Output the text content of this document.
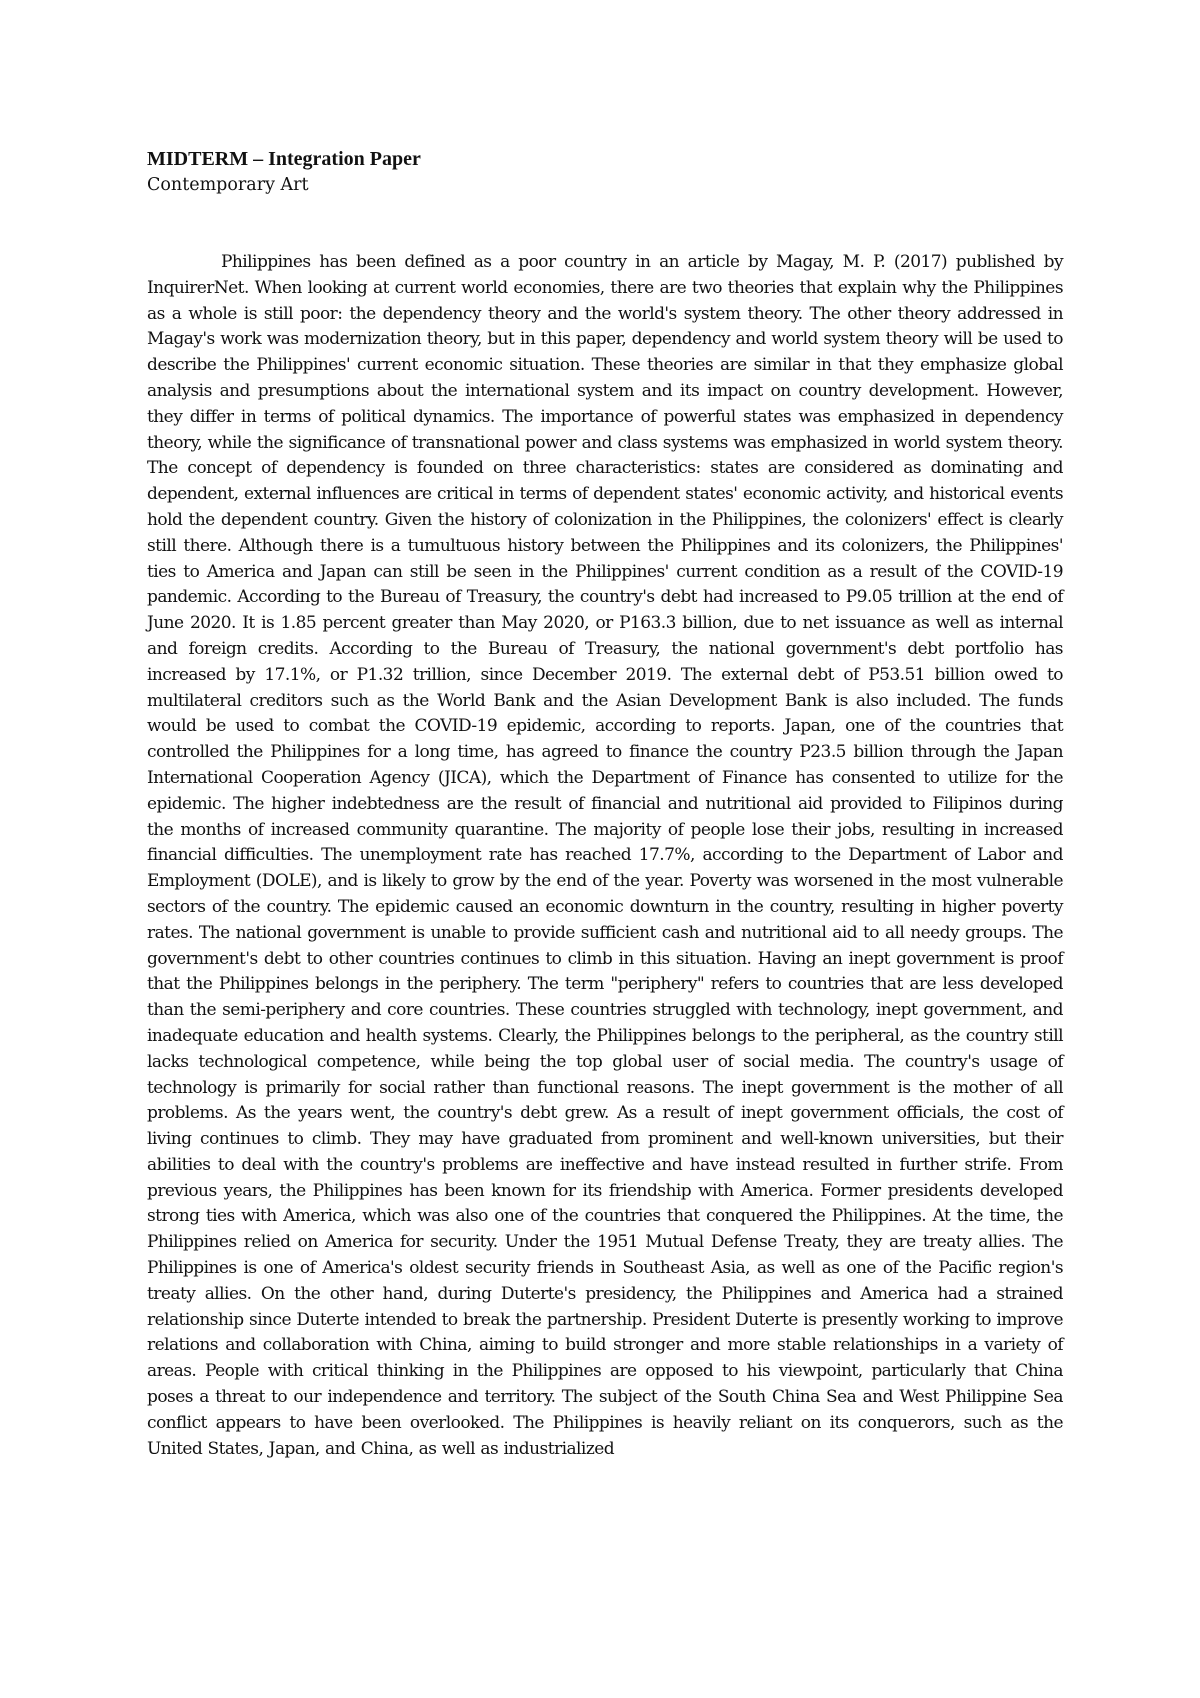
MIDTERM – Integration Paper

Contemporary Art

Philippines has been defined as a poor country in an article by Magay, M. P. (2017) published by InquirerNet. When looking at current world economies, there are two theories that explain why the Philippines as a whole is still poor: the dependency theory and the world's system theory. The other theory addressed in Magay's work was modernization theory, but in this paper, dependency and world system theory will be used to describe the Philippines' current economic situation. These theories are similar in that they emphasize global analysis and presumptions about the international system and its impact on country development. However, they differ in terms of political dynamics. The importance of powerful states was emphasized in dependency theory, while the significance of transnational power and class systems was emphasized in world system theory. The concept of dependency is founded on three characteristics: states are considered as dominating and dependent, external influences are critical in terms of dependent states' economic activity, and historical events hold the dependent country. Given the history of colonization in the Philippines, the colonizers' effect is clearly still there. Although there is a tumultuous history between the Philippines and its colonizers, the Philippines' ties to America and Japan can still be seen in the Philippines' current condition as a result of the COVID-19 pandemic. According to the Bureau of Treasury, the country's debt had increased to P9.05 trillion at the end of June 2020. It is 1.85 percent greater than May 2020, or P163.3 billion, due to net issuance as well as internal and foreign credits. According to the Bureau of Treasury, the national government's debt portfolio has increased by 17.1%, or P1.32 trillion, since December 2019. The external debt of P53.51 billion owed to multilateral creditors such as the World Bank and the Asian Development Bank is also included. The funds would be used to combat the COVID-19 epidemic, according to reports. Japan, one of the countries that controlled the Philippines for a long time, has agreed to finance the country P23.5 billion through the Japan International Cooperation Agency (JICA), which the Department of Finance has consented to utilize for the epidemic. The higher indebtedness are the result of financial and nutritional aid provided to Filipinos during the months of increased community quarantine. The majority of people lose their jobs, resulting in increased financial difficulties. The unemployment rate has reached 17.7%, according to the Department of Labor and Employment (DOLE), and is likely to grow by the end of the year. Poverty was worsened in the most vulnerable sectors of the country. The epidemic caused an economic downturn in the country, resulting in higher poverty rates. The national government is unable to provide sufficient cash and nutritional aid to all needy groups. The government's debt to other countries continues to climb in this situation. Having an inept government is proof that the Philippines belongs in the periphery. The term "periphery" refers to countries that are less developed than the semi-periphery and core countries. These countries struggled with technology, inept government, and inadequate education and health systems. Clearly, the Philippines belongs to the peripheral, as the country still lacks technological competence, while being the top global user of social media. The country's usage of technology is primarily for social rather than functional reasons. The inept government is the mother of all problems. As the years went, the country's debt grew. As a result of inept government officials, the cost of living continues to climb. They may have graduated from prominent and well-known universities, but their abilities to deal with the country's problems are ineffective and have instead resulted in further strife. From previous years, the Philippines has been known for its friendship with America. Former presidents developed strong ties with America, which was also one of the countries that conquered the Philippines. At the time, the Philippines relied on America for security. Under the 1951 Mutual Defense Treaty, they are treaty allies. The Philippines is one of America's oldest security friends in Southeast Asia, as well as one of the Pacific region's treaty allies. On the other hand, during Duterte's presidency, the Philippines and America had a strained relationship since Duterte intended to break the partnership. President Duterte is presently working to improve relations and collaboration with China, aiming to build stronger and more stable relationships in a variety of areas. People with critical thinking in the Philippines are opposed to his viewpoint, particularly that China poses a threat to our independence and territory. The subject of the South China Sea and West Philippine Sea conflict appears to have been overlooked. The Philippines is heavily reliant on its conquerors, such as the United States, Japan, and China, as well as industrialized
